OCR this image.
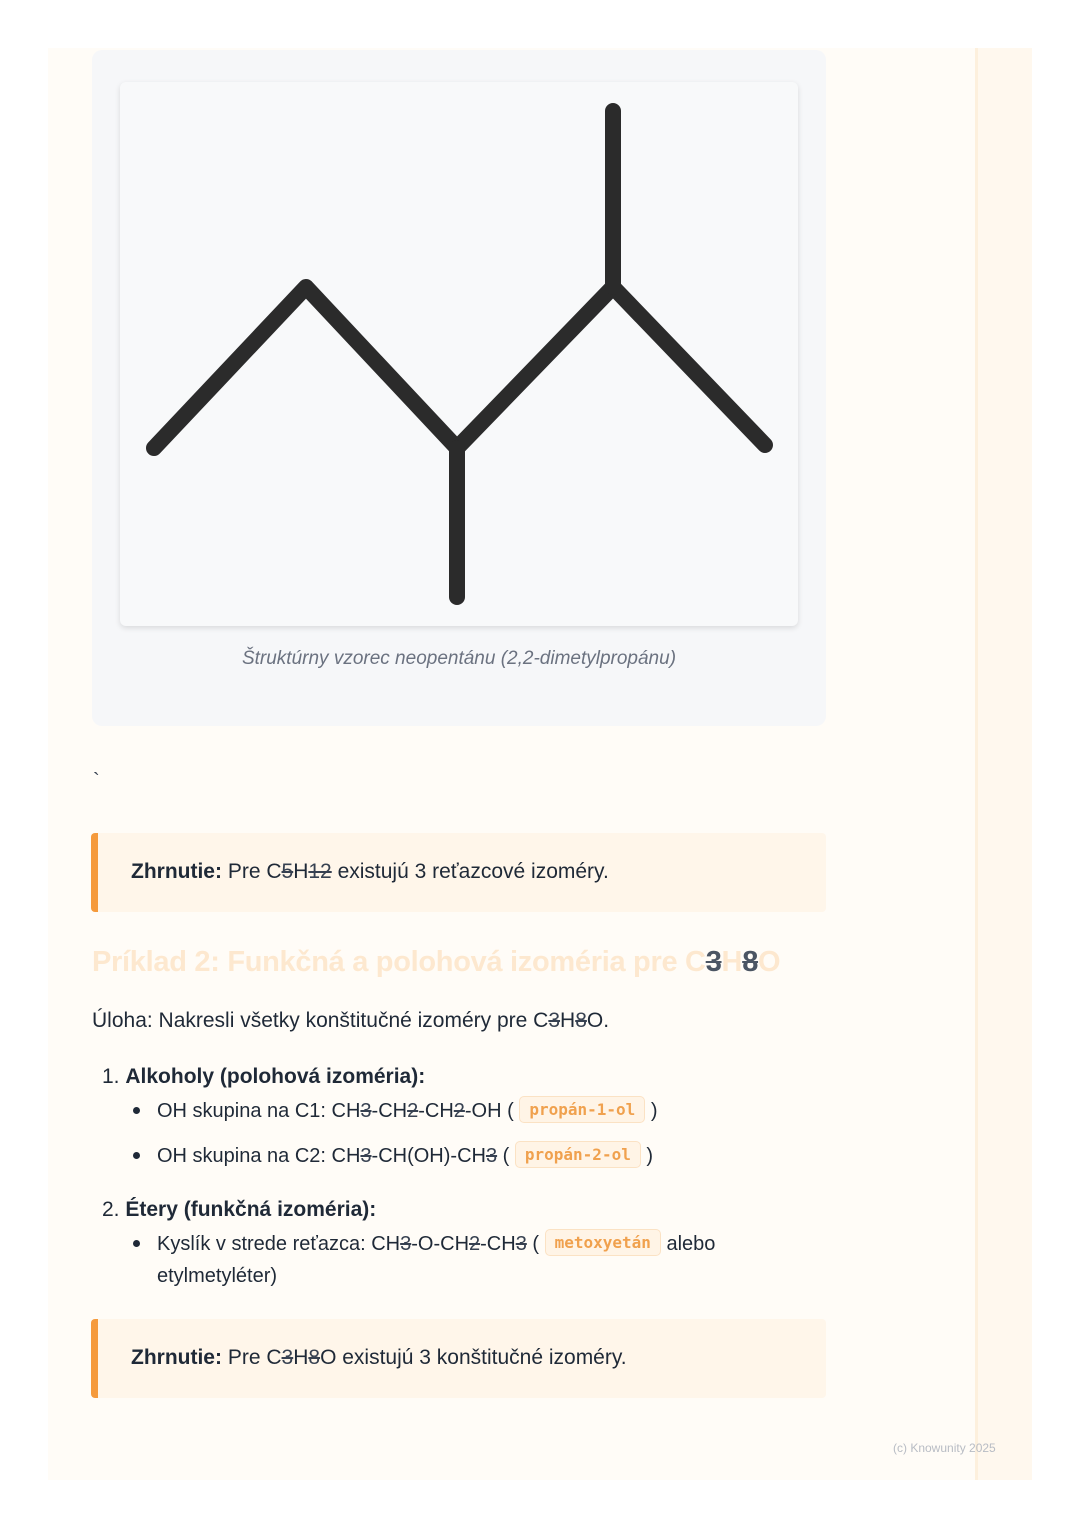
Štruktúrny vzorec neopentánu (2,2-dimetylpropánu)
`
Zhrnutie: Pre C5H12 existujú 3 reťazcové izoméry.
Príklad 2: Funkčná a polohová izoméria pre C3H8O
Úloha: Nakresli všetky konštitučné izoméry pre C3H8O.
1. Alkoholy (polohová izoméria):
OH skupina na C1: CH3-CH2-CH2-OH ( propán-1-ol )
OH skupina na C2: CH3-CH(OH)-CH3 ( propán-2-ol )
2. Étery (funkčná izoméria):
Kyslík v strede reťazca: CH3-O-CH2-CH3 ( metoxyetán alebo
etylmetyléter)
Zhrnutie: Pre C3H8O existujú 3 konštitučné izoméry.
(c) Knowunity 2025
